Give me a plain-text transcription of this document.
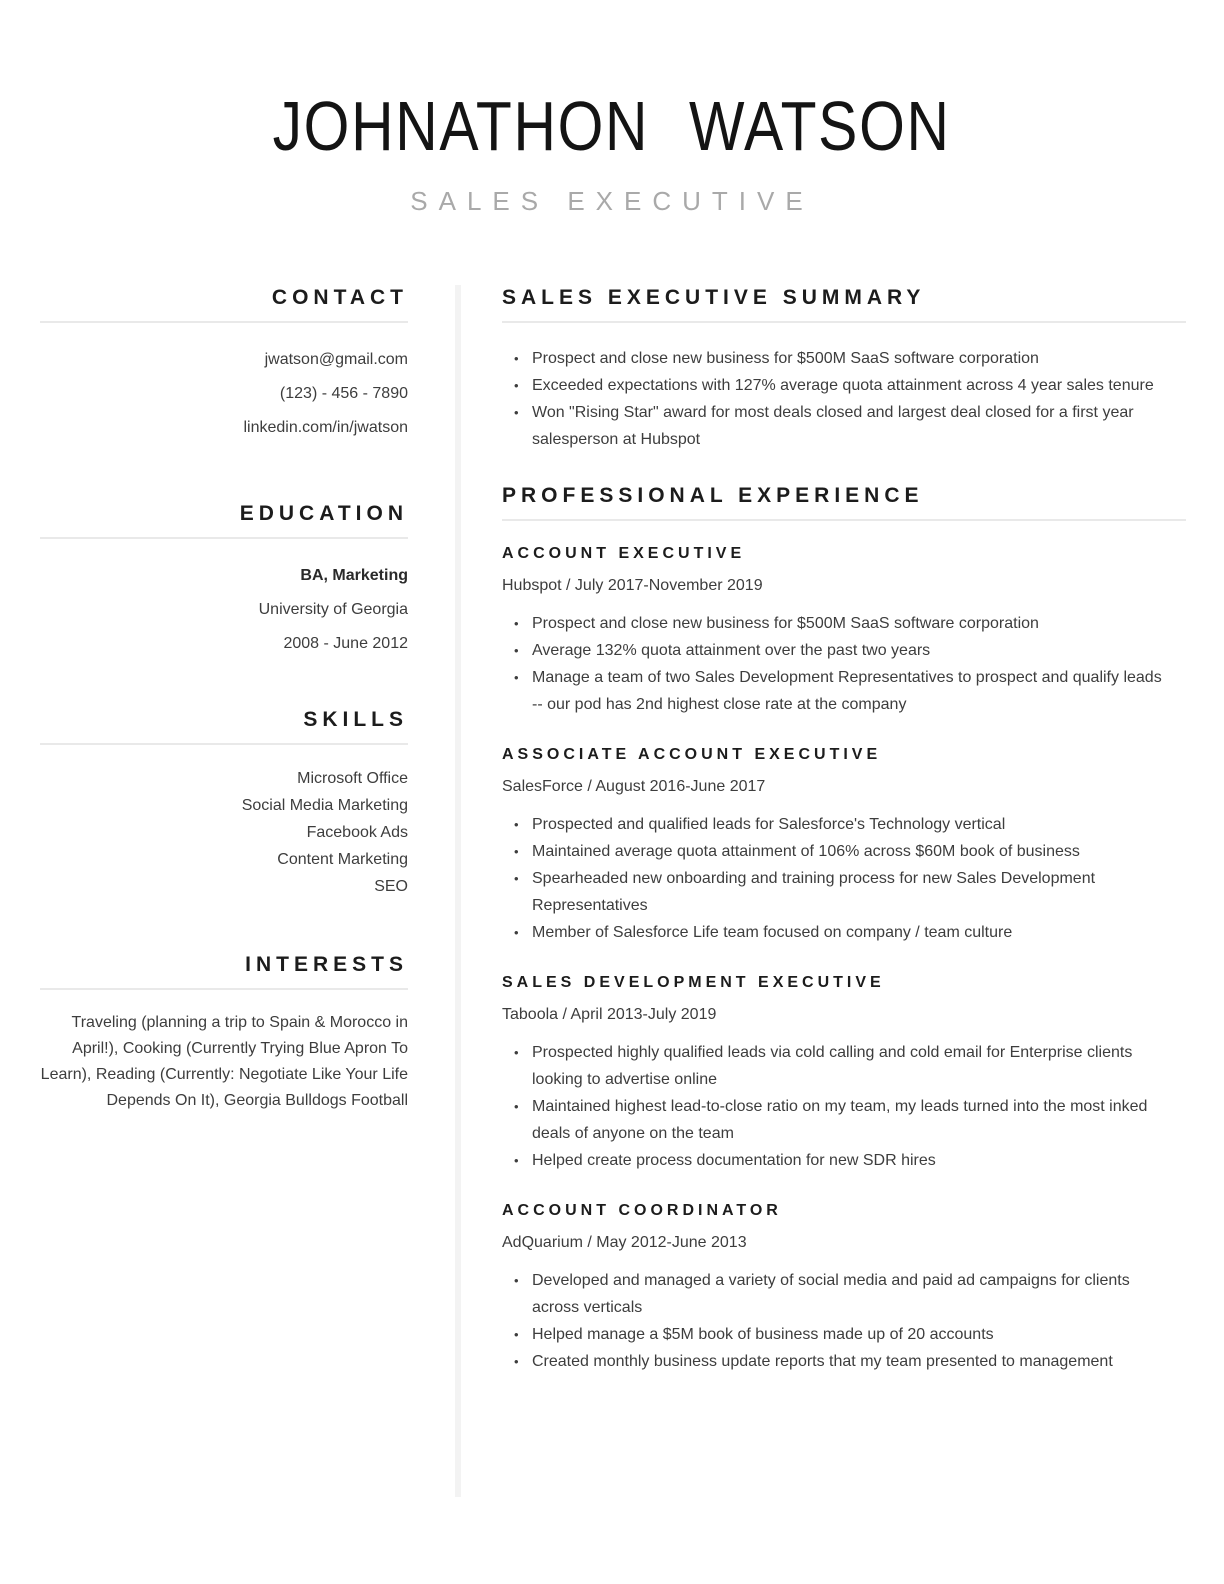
JOHNATHON WATSON
SALES EXECUTIVE
CONTACT
jwatson@gmail.com
(123) - 456 - 7890
linkedin.com/in/jwatson
EDUCATION
BA, Marketing
University of Georgia
2008 - June 2012
SKILLS
Microsoft Office
Social Media Marketing
Facebook Ads
Content Marketing
SEO
INTERESTS

Traveling (planning a trip to Spain & Morocco in April!), Cooking (Currently Trying Blue Apron To Learn), Reading (Currently: Negotiate Like Your Life Depends On It), Georgia Bulldogs Football

SALES EXECUTIVE SUMMARY
• Prospect and close new business for $500M SaaS software corporation
• Exceeded expectations with 127% average quota attainment across 4 year sales tenure
• Won "Rising Star" award for most deals closed and largest deal closed for a first year salesperson at Hubspot
PROFESSIONAL EXPERIENCE
ACCOUNT EXECUTIVE
Hubspot / July 2017-November 2019
• Prospect and close new business for $500M SaaS software corporation
• Average 132% quota attainment over the past two years
• Manage a team of two Sales Development Representatives to prospect and qualify leads -- our pod has 2nd highest close rate at the company
ASSOCIATE ACCOUNT EXECUTIVE
SalesForce / August 2016-June 2017
• Prospected and qualified leads for Salesforce's Technology vertical
• Maintained average quota attainment of 106% across $60M book of business
• Spearheaded new onboarding and training process for new Sales Development Representatives
• Member of Salesforce Life team focused on company / team culture
SALES DEVELOPMENT EXECUTIVE
Taboola / April 2013-July 2019
• Prospected highly qualified leads via cold calling and cold email for Enterprise clients looking to advertise online
• Maintained highest lead-to-close ratio on my team, my leads turned into the most inked deals of anyone on the team
• Helped create process documentation for new SDR hires
ACCOUNT COORDINATOR
AdQuarium / May 2012-June 2013
• Developed and managed a variety of social media and paid ad campaigns for clients across verticals
• Helped manage a $5M book of business made up of 20 accounts
• Created monthly business update reports that my team presented to management
